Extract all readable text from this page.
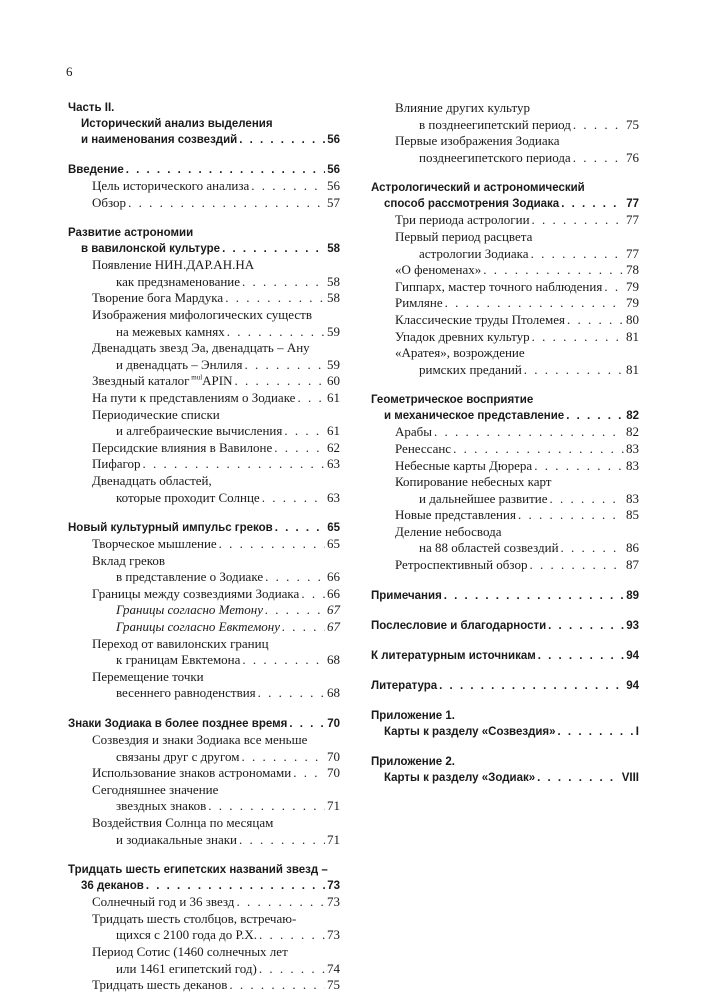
6
Часть II.
Исторический анализ выделения
и наименования созвездий . . .	56
Введение . . .	56
Цель исторического анализа . . .	56
Обзор . . .	57
Развитие астрономии
в вавилонской культуре . . .	58
Появление НИН.ДАР.АН.НА
как предзнаменование . . .	58
Творение бога Мардука . . .	58
Изображения мифологических существ
на межевых камнях . . .	59
Двенадцать звезд Эа, двенадцать – Ану
и двенадцать – Энлиля . . .	59
Звездный каталог $^{mul}$APIN . . .	60
На пути к представлениям о Зодиаке . . . 61
Периодические списки
и алгебраические вычисления . . .	61
Персидские влияния в Вавилоне . . .	62
Пифагор . . .	63
Двенадцать областей,
которые проходит Солнце . . .	63
Новый культурный импульс греков . . .	65
Творческое мышление . . .	65
Вклад греков
в представление о Зодиаке . . .	66
Границы между созвездиями Зодиака . . . 66
Границы согласно Метону . . .	67
Границы согласно Евктемону . . .	67
Переход от вавилонских границ
к границам Евктемона . . .	68
Перемещение точки
весеннего равноденствия . . .	68
Знаки Зодиака в более позднее время . . .	70
Созвездия и знаки Зодиака все меньше
связаны друг с другом . . .	70
Использование знаков астрономами . . .	70
Сегодняшнее значение
звездных знаков . . .	71
Воздействия Солнца по месяцам
и зодиакальные знаки . . .	71
Тридцать шесть египетских названий звезд –
36 деканов . . .	73
Солнечный год и 36 звезд . . .	73
Тридцать шесть столбцов, встречаю-
щихся с 2100 года до Р.Х. . . .	73
Период Сотис (1460 солнечных лет
или 1461 египетский год) . . .	74
Тридцать шесть деканов . . .	75
Влияние других культур
в позднеегипетский период . . .	75
Первые изображения Зодиака
позднеегипетского периода . . .	76
Астрологический и астрономический
способ рассмотрения Зодиака . . .	77
Три периода астрологии . . .	77
Первый период расцвета
астрологии Зодиака . . .	77
«О феноменах» . . .	78
Гиппарх, мастер точного наблюдения . . . 79
Римляне . . .	79
Классические труды Птолемея . . .	80
Упадок древних культур . . .	81
«Аратея», возрождение
римских преданий . . .	81
Геометрическое восприятие
и механическое представление . . .	82
Арабы . . .	82
Ренессанс . . .	83
Небесные карты Дюрера . . .	83
Копирование небесных карт
и дальнейшее развитие . . .	83
Новые представления . . .	85
Деление небосвода
на 88 областей созвездий . . .	86
Ретроспективный обзор . . .	87
Примечания . . .	89
Послесловие и благодарности . . .	93
К литературным источникам . . .	94
Литература . . .	94
Приложение 1.
Карты к разделу «Созвездия» . . .	I
Приложение 2.
Карты к разделу «Зодиак» . . .	VIII
